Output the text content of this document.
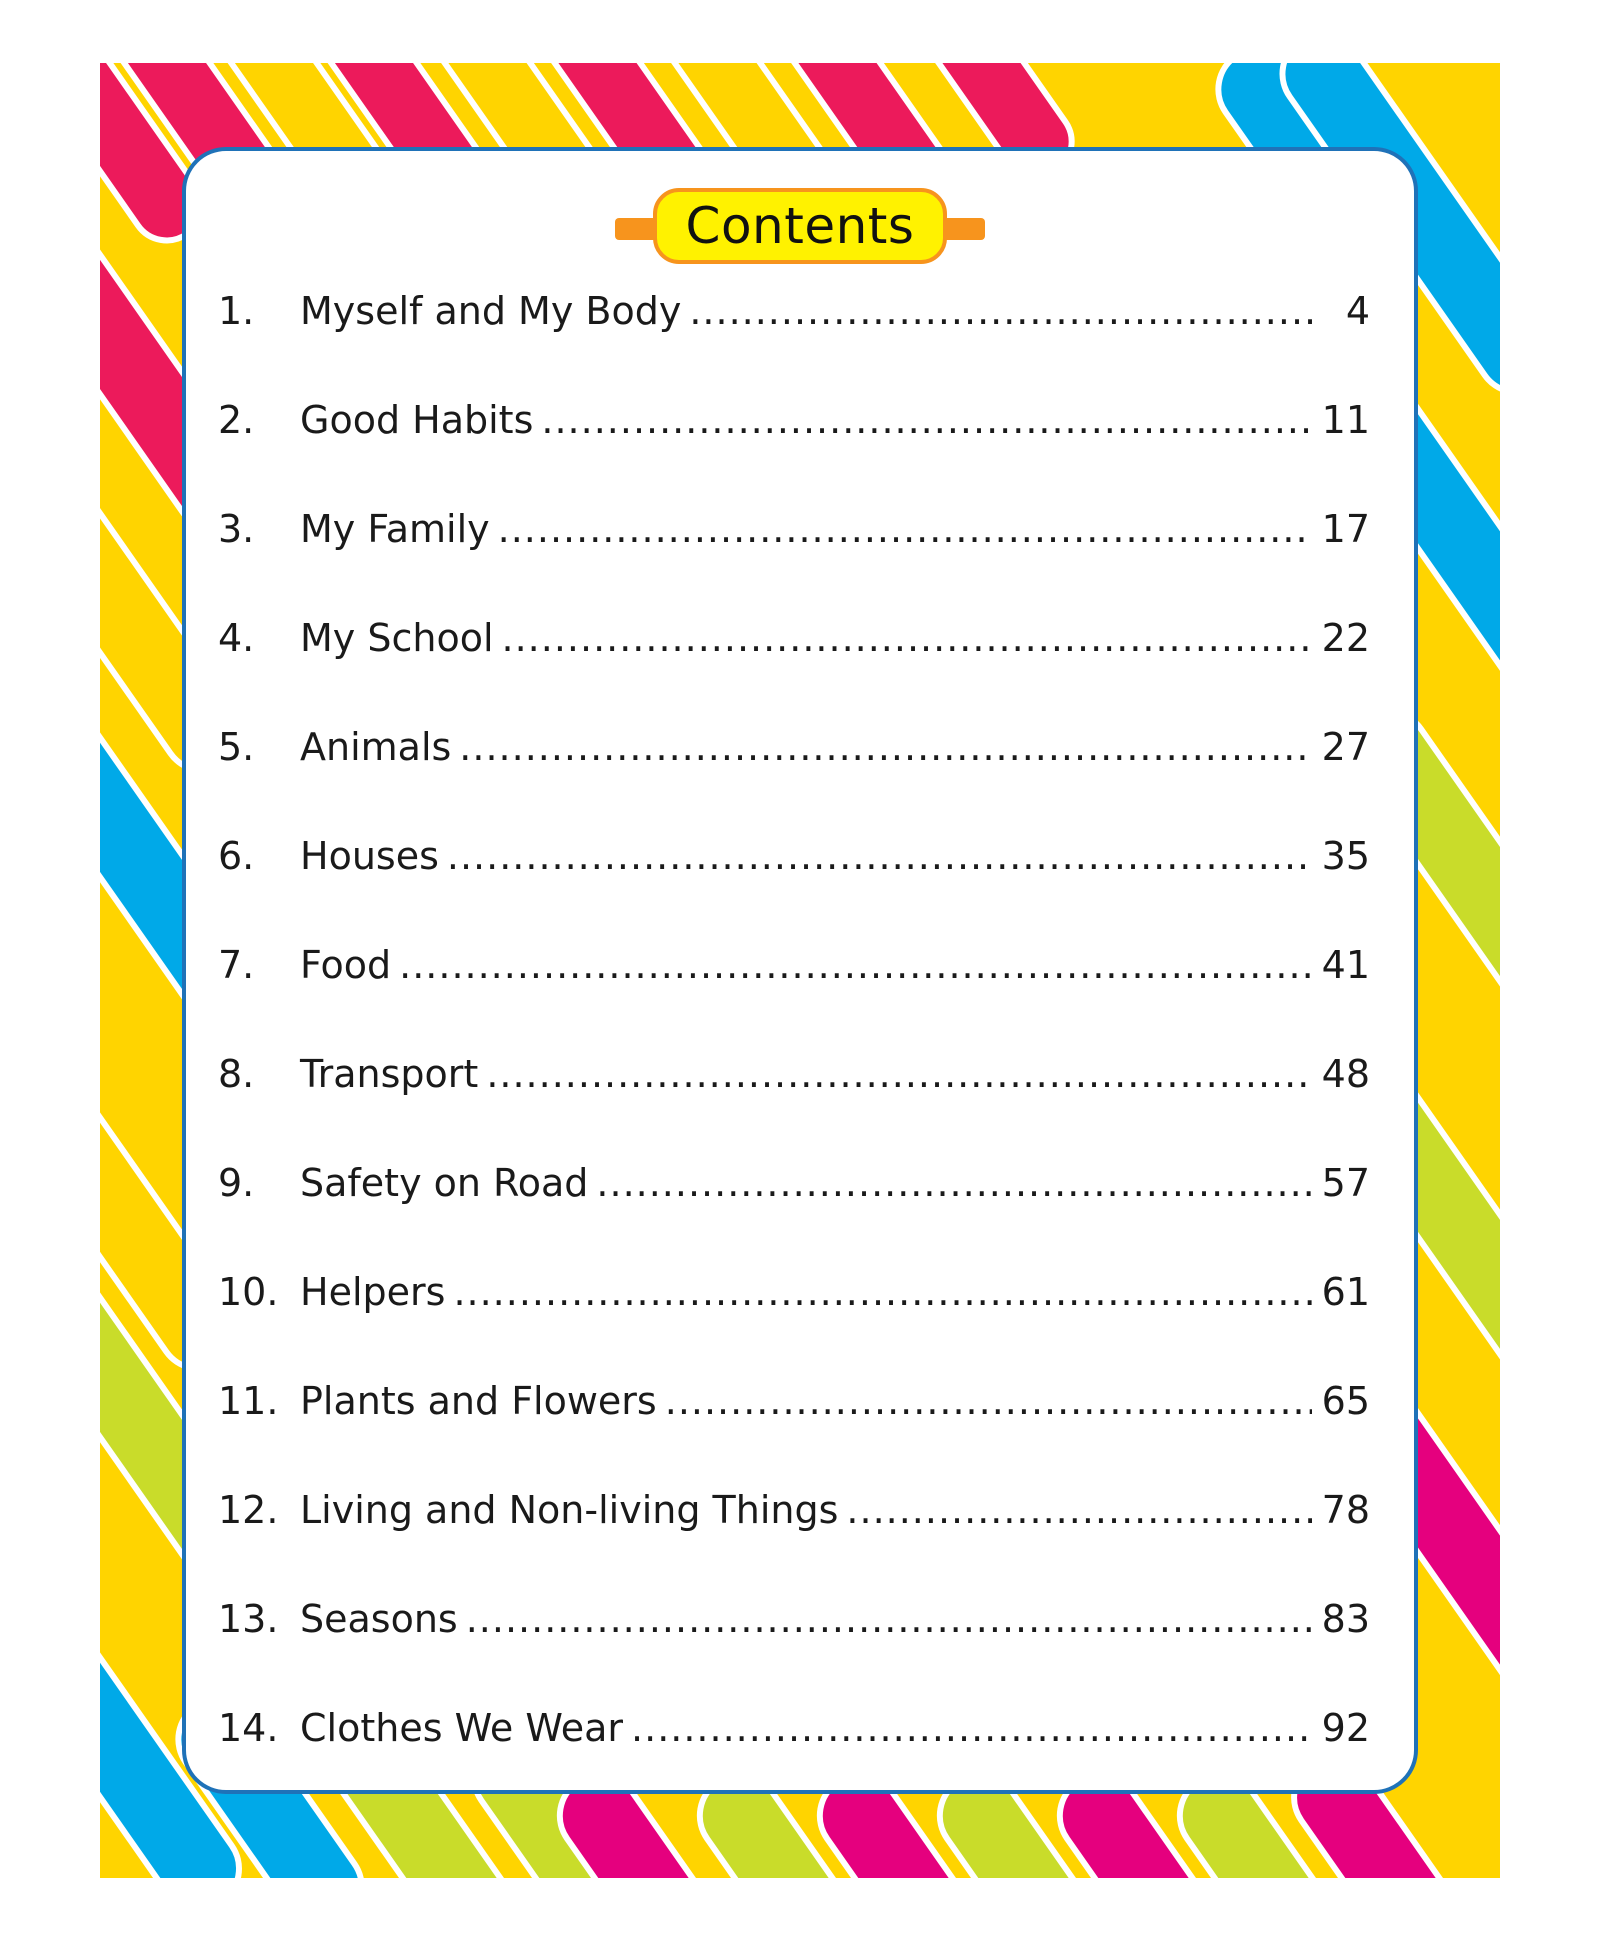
Contents
1.	Myself and My Body .....	4
2.	Good Habits .....	11
3.	My Family .....	17
4.	My School .....	22
5.	Animals .....	27
6.	Houses .....	35
7.	Food .....	41
8.	Transport .....	48
9.	Safety on Road .....	57
10. Helpers .....	61
11. Plants and Flowers .....	65
12. Living and Non-living Things .....	78
13. Seasons .....	83
14. Clothes We Wear .....	92
